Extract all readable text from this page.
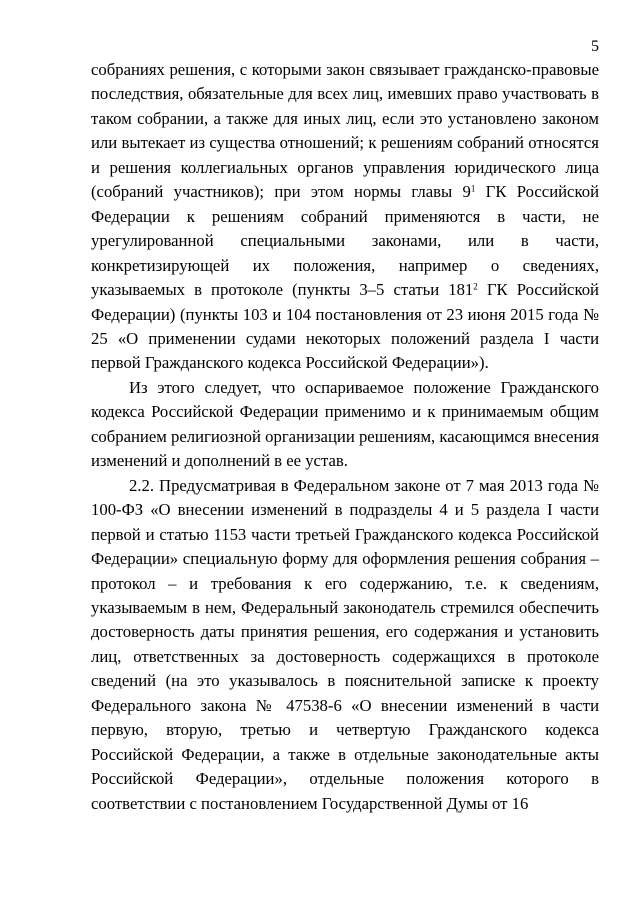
5

собраниях решения, с которыми закон связывает гражданско-правовые последствия, обязательные для всех лиц, имевших право участвовать в таком собрании, а также для иных лиц, если это установлено законом или вытекает из существа отношений; к решениям собраний относятся и решения коллегиальных органов управления юридического лица (собраний участников); при этом нормы главы $9^1$ ГК Российской Федерации к решениям собраний применяются в части, не урегулированной специальными законами, или в части, конкретизирующей их положения, например о сведениях, указываемых в протоколе (пункты 3–5 статьи $181^2$ ГК Российской Федерации) (пункты 103 и 104 постановления от 23 июня 2015 года № 25 «О применении судами некоторых положений раздела I части первой Гражданского кодекса Российской Федерации»).

Из этого следует, что оспариваемое положение Гражданского кодекса Российской Федерации применимо и к принимаемым общим собранием религиозной организации решениям, касающимся внесения изменений и дополнений в ее устав.

2.2. Предусматривая в Федеральном законе от 7 мая 2013 года № 100-ФЗ «О внесении изменений в подразделы 4 и 5 раздела I части первой и статью 1153 части третьей Гражданского кодекса Российской Федерации» специальную форму для оформления решения собрания – протокол – и требования к его содержанию, т.е. к сведениям, указываемым в нем, Федеральный законодатель стремился обеспечить достоверность даты принятия решения, его содержания и установить лиц, ответственных за достоверность содержащихся в протоколе сведений (на это указывалось в пояснительной записке к проекту Федерального закона № 47538-6 «О внесении изменений в части первую, вторую, третью и четвертую Гражданского кодекса Российской Федерации, а также в отдельные законодательные акты Российской Федерации», отдельные положения которого в соответствии с постановлением Государственной Думы от 16
